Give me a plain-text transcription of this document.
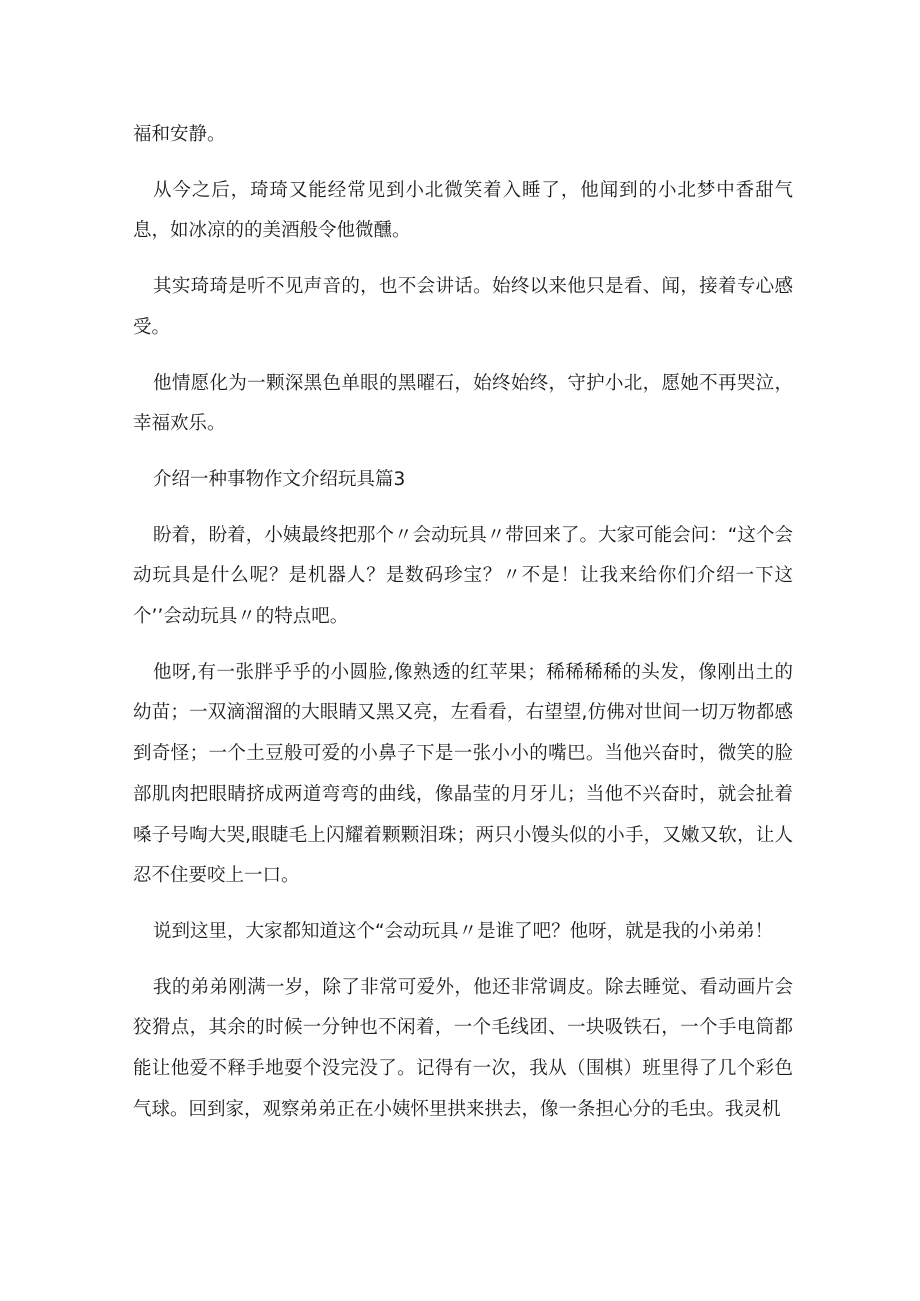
福和安静。

从今之后，琦琦又能经常见到小北微笑着入睡了，他闻到的小北梦中香甜气息，如冰凉的的美酒般令他微醺。

其实琦琦是听不见声音的，也不会讲话。始终以来他只是看、闻，接着专心感受。

他情愿化为一颗深黑色单眼的黑曜石，始终始终，守护小北，愿她不再哭泣，幸福欢乐。

介绍一种事物作文介绍玩具篇3

盼着，盼着，小姨最终把那个〃会动玩具〃带回来了。大家可能会问：“这个会动玩具是什么呢？是机器人？是数码珍宝？〃不是！让我来给你们介绍一下这个’’会动玩具〃的特点吧。

他呀,有一张胖乎乎的小圆脸,像熟透的红苹果；稀稀稀稀的头发，像刚出土的幼苗；一双滴溜溜的大眼睛又黑又亮，左看看，右望望,仿佛对世间一切万物都感到奇怪；一个土豆般可爱的小鼻子下是一张小小的嘴巴。当他兴奋时，微笑的脸部肌肉把眼睛挤成两道弯弯的曲线，像晶莹的月牙儿；当他不兴奋时，就会扯着嗓子号啕大哭,眼睫毛上闪耀着颗颗泪珠；两只小馒头似的小手，又嫩又软，让人忍不住要咬上一口。

说到这里，大家都知道这个“会动玩具〃是谁了吧？他呀，就是我的小弟弟！

我的弟弟刚满一岁，除了非常可爱外，他还非常调皮。除去睡觉、看动画片会狡猾点，其余的时候一分钟也不闲着，一个毛线团、一块吸铁石，一个手电筒都能让他爱不释手地耍个没完没了。记得有一次，我从（围棋）班里得了几个彩色气球。回到家，观察弟弟正在小姨怀里拱来拱去，像一条担心分的毛虫。我灵机
